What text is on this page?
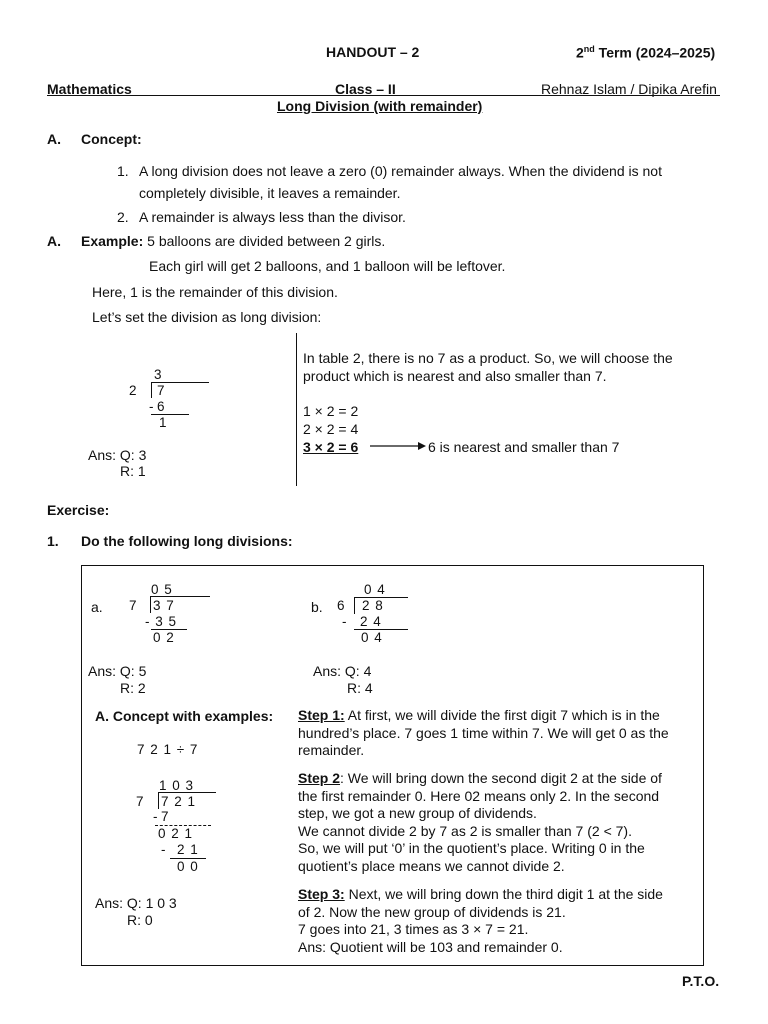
HANDOUT – 2	2nd Term (2024–2025)
Mathematics	Class – II	Rehnaz Islam / Dipika Arefin
Long Division (with remainder)
A. Concept:
1. A long division does not leave a zero (0) remainder always. When the dividend is not
completely divisible, it leaves a remainder.
2. A remainder is always less than the divisor.
A. Example: 5 balloons are divided between 2 girls.
Each girl will get 2 balloons, and 1 balloon will be leftover.
Here, 1 is the remainder of this division.
Let’s set the division as long division:
3
2 7
- 6
1
Ans: Q: 3
R: 1
In table 2, there is no 7 as a product. So, we will choose the
product which is nearest and also smaller than 7.
1 × 2 = 2
2 × 2 = 4
3 × 2 = 6	6 is nearest and smaller than 7
Exercise:
1. Do the following long divisions:
a.
0 5
7 3 7
- 3 5
0 2
Ans: Q: 5
R: 2
b.
0 4
6 2 8
- 2 4
0 4
Ans: Q: 4
R: 4
A. Concept with examples:
7 2 1 ÷ 7
1 0 3
7 7 2 1
- 7
0 2 1
- 2 1
0 0
Ans: Q: 1 0 3
R: 0
Step 1: At first, we will divide the first digit 7 which is in the
hundred’s place. 7 goes 1 time within 7. We will get 0 as the
remainder.
Step 2: We will bring down the second digit 2 at the side of
the first remainder 0. Here 02 means only 2. In the second
step, we got a new group of dividends.
We cannot divide 2 by 7 as 2 is smaller than 7 (2 < 7).
So, we will put ‘0’ in the quotient’s place. Writing 0 in the
quotient’s place means we cannot divide 2.
Step 3: Next, we will bring down the third digit 1 at the side
of 2. Now the new group of dividends is 21.
7 goes into 21, 3 times as 3 × 7 = 21.
Ans: Quotient will be 103 and remainder 0.
P.T.O.
